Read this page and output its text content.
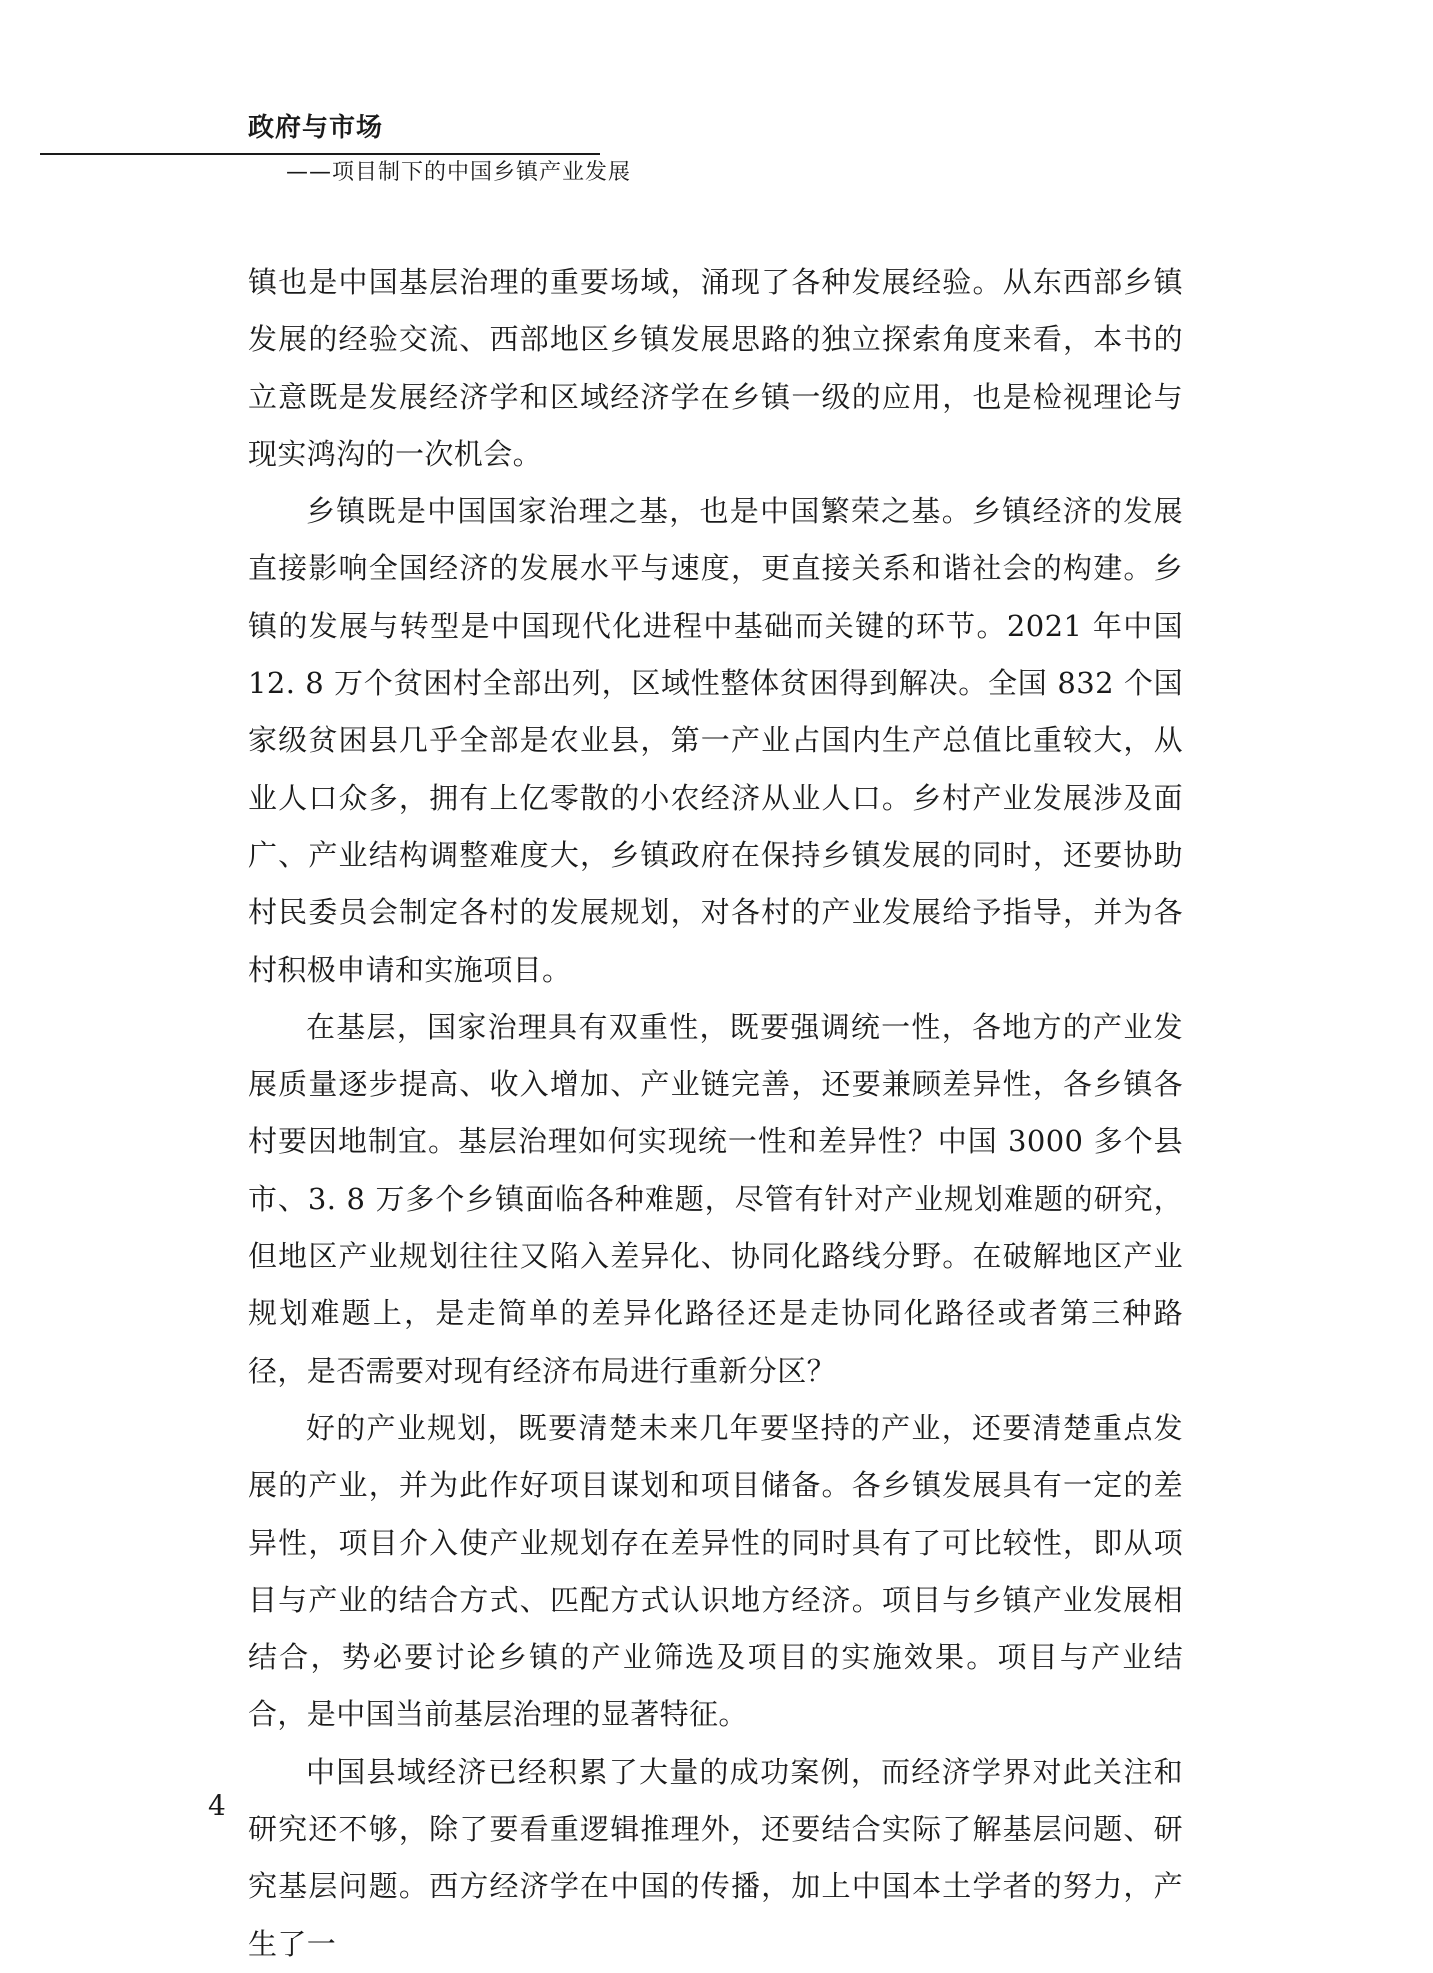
政府与市场
——项目制下的中国乡镇产业发展

镇也是中国基层治理的重要场域，涌现了各种发展经验。从东西部乡镇发展的经验交流、西部地区乡镇发展思路的独立探索角度来看，本书的立意既是发展经济学和区域经济学在乡镇一级的应用，也是检视理论与现实鸿沟的一次机会。

乡镇既是中国国家治理之基，也是中国繁荣之基。乡镇经济的发展直接影响全国经济的发展水平与速度，更直接关系和谐社会的构建。乡镇的发展与转型是中国现代化进程中基础而关键的环节。2021 年中国 12. 8 万个贫困村全部出列，区域性整体贫困得到解决。全国 832 个国家级贫困县几乎全部是农业县，第一产业占国内生产总值比重较大，从业人口众多，拥有上亿零散的小农经济从业人口。乡村产业发展涉及面广、产业结构调整难度大，乡镇政府在保持乡镇发展的同时，还要协助村民委员会制定各村的发展规划，对各村的产业发展给予指导，并为各村积极申请和实施项目。

在基层，国家治理具有双重性，既要强调统一性，各地方的产业发展质量逐步提高、收入增加、产业链完善，还要兼顾差异性，各乡镇各村要因地制宜。基层治理如何实现统一性和差异性？中国 3000 多个县市、3. 8 万多个乡镇面临各种难题，尽管有针对产业规划难题的研究，但地区产业规划往往又陷入差异化、协同化路线分野。在破解地区产业规划难题上，是走简单的差异化路径还是走协同化路径或者第三种路径，是否需要对现有经济布局进行重新分区？

好的产业规划，既要清楚未来几年要坚持的产业，还要清楚重点发展的产业，并为此作好项目谋划和项目储备。各乡镇发展具有一定的差异性，项目介入使产业规划存在差异性的同时具有了可比较性，即从项目与产业的结合方式、匹配方式认识地方经济。项目与乡镇产业发展相结合，势必要讨论乡镇的产业筛选及项目的实施效果。项目与产业结合，是中国当前基层治理的显著特征。

中国县域经济已经积累了大量的成功案例，而经济学界对此关注和研究还不够，除了要看重逻辑推理外，还要结合实际了解基层问题、研究基层问题。西方经济学在中国的传播，加上中国本土学者的努力，产生了一

4
